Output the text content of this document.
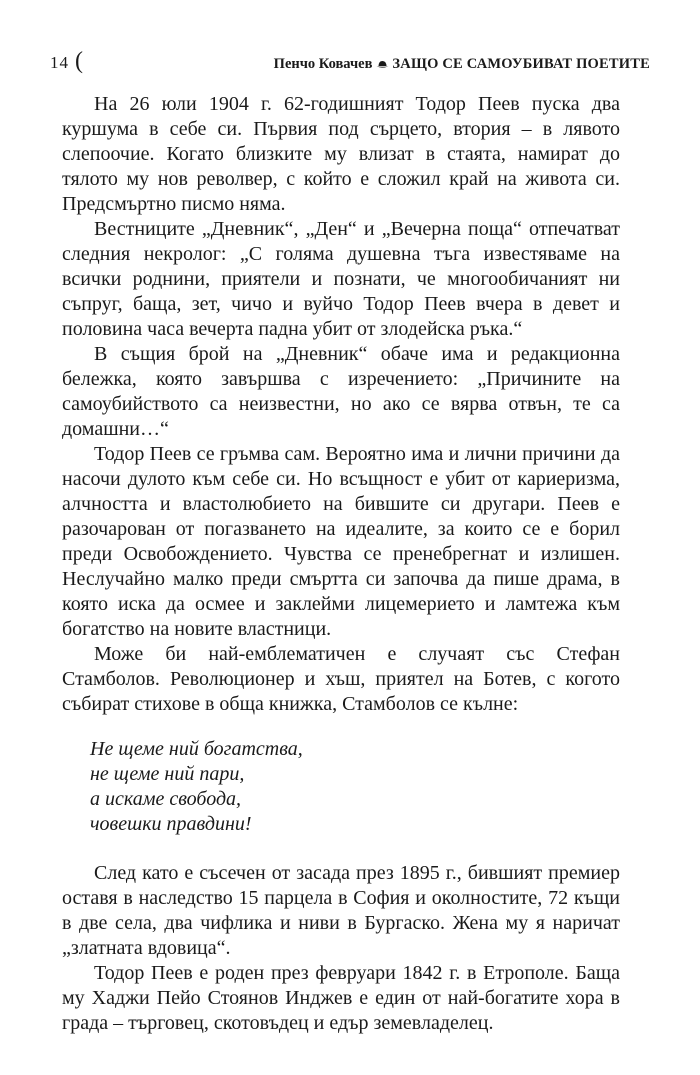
14 (	Пенчо Ковачев ЗАЩО СЕ САМОУБИВАТ ПОЕТИТЕ

На 26 юли 1904 г. 62-годишният Тодор Пеев пуска два куршума в себе си. Първия под сърцето, втория – в лявото слепоочие. Когато близките му влизат в стаята, намират до тялото му нов револвер, с който е сложил край на живота си. Предсмъртно писмо няма.

Вестниците „Дневник“, „Ден“ и „Вечерна поща“ отпечатват следния некролог: „С голяма душевна тъга известяваме на всички роднини, приятели и познати, че многообичаният ни съпруг, баща, зет, чичо и вуйчо Тодор Пеев вчера в девет и половина часа вечерта падна убит от злодейска ръка.“

В същия брой на „Дневник“ обаче има и редакционна бележка, която завършва с изречението: „Причините на самоубийството са неизвестни, но ако се вярва отвън, те са домашни…“

Тодор Пеев се гръмва сам. Вероятно има и лични причини да насочи дулото към себе си. Но всъщност е убит от кариеризма, алчността и властолюбието на бившите си другари. Пеев е разочарован от погазването на идеалите, за които се е борил преди Освобождението. Чувства се пренебрегнат и излишен. Неслучайно малко преди смъртта си започва да пише драма, в която иска да осмее и заклейми лицемерието и ламтежа към богатство на новите властници.

Може би най-емблематичен е случаят със Стефан Стамболов. Революционер и хъш, приятел на Ботев, с когото събират стихове в обща книжка, Стамболов се кълне:

Не щеме ний богатства,
не щеме ний пари,
а искаме свобода,
човешки правдини!

След като е съсечен от засада през 1895 г., бившият премиер оставя в наследство 15 парцела в София и околностите, 72 къщи в две села, два чифлика и ниви в Бургаско. Жена му я наричат „златната вдовица“.

Тодор Пеев е роден през февруари 1842 г. в Етрополе. Баща му Хаджи Пейо Стоянов Инджев е един от най-богатите хора в града – търговец, скотовъдец и едър земевладелец.
